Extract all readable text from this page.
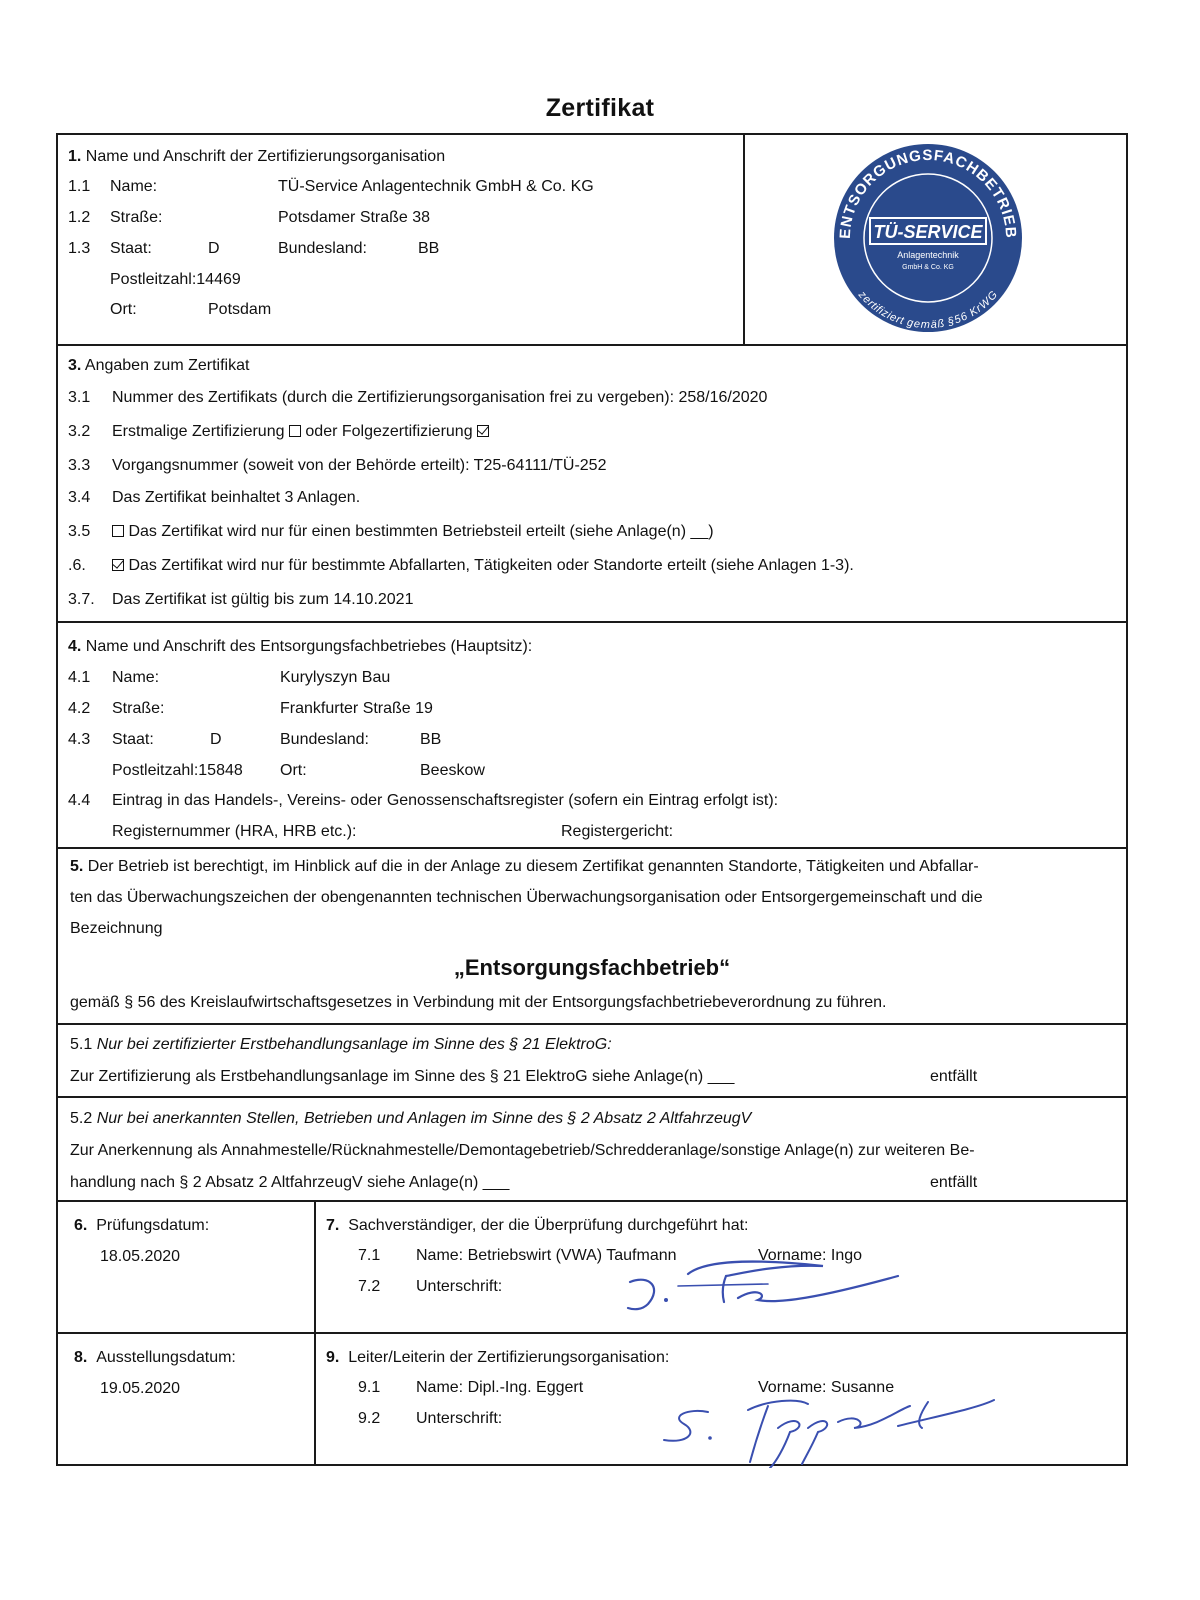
Zertifikat
1. Name und Anschrift der Zertifizierungsorganisation
1.1 Name:	TÜ-Service Anlagentechnik GmbH & Co. KG
1.2 Straße:	Potsdamer Straße 38
1.3 Staat:	D	Bundesland:	BB
Postleitzahl:14469
Ort:	Potsdam
ENTSORGUNGSFACHBETRIEB
zertifiziert gemäß §56 KrWG
TÜ-SERVICE
Anlagentechnik
GmbH & Co. KG
3. Angaben zum Zertifikat
3.1 Nummer des Zertifikats (durch die Zertifizierungsorganisation frei zu vergeben): 258/16/2020
3.2 Erstmalige Zertifizierung oder Folgezertifizierung
3.3 Vorgangsnummer (soweit von der Behörde erteilt): T25-64111/TÜ-252
3.4 Das Zertifikat beinhaltet 3 Anlagen.
3.5	Das Zertifikat wird nur für einen bestimmten Betriebsteil erteilt (siehe Anlage(n) __)
.6.	Das Zertifikat wird nur für bestimmte Abfallarten, Tätigkeiten oder Standorte erteilt (siehe Anlagen 1-3).
3.7. Das Zertifikat ist gültig bis zum 14.10.2021
4. Name und Anschrift des Entsorgungsfachbetriebes (Hauptsitz):
4.1 Name:	Kurylyszyn Bau
4.2 Straße:	Frankfurter Straße 19
4.3 Staat:	D	Bundesland:	BB
Postleitzahl:15848 Ort:	Beeskow
4.4 Eintrag in das Handels-, Vereins- oder Genossenschaftsregister (sofern ein Eintrag erfolgt ist):
Registernummer (HRA, HRB etc.):	Registergericht:
5. Der Betrieb ist berechtigt, im Hinblick auf die in der Anlage zu diesem Zertifikat genannten Standorte, Tätigkeiten und Abfallar-
ten das Überwachungszeichen der obengenannten technischen Überwachungsorganisation oder Entsorgergemeinschaft und die
Bezeichnung
„Entsorgungsfachbetrieb“
gemäß § 56 des Kreislaufwirtschaftsgesetzes in Verbindung mit der Entsorgungsfachbetriebeverordnung zu führen.
5.1 Nur bei zertifizierter Erstbehandlungsanlage im Sinne des § 21 ElektroG:
Zur Zertifizierung als Erstbehandlungsanlage im Sinne des § 21 ElektroG siehe Anlage(n) ___	entfällt
5.2 Nur bei anerkannten Stellen, Betrieben und Anlagen im Sinne des § 2 Absatz 2 AltfahrzeugV
Zur Anerkennung als Annahmestelle/Rücknahmestelle/Demontagebetrieb/Schredderanlage/sonstige Anlage(n) zur weiteren Be-
handlung nach § 2 Absatz 2 AltfahrzeugV siehe Anlage(n) ___	entfällt
6. Prüfungsdatum:
18.05.2020
7. Sachverständiger, der die Überprüfung durchgeführt hat:
7.1 Name: Betriebswirt (VWA) Taufmann	Vorname: Ingo
7.2 Unterschrift:
8. Ausstellungsdatum:
19.05.2020
9. Leiter/Leiterin der Zertifizierungsorganisation:
9.1 Name: Dipl.-Ing. Eggert	Vorname: Susanne
9.2 Unterschrift:
